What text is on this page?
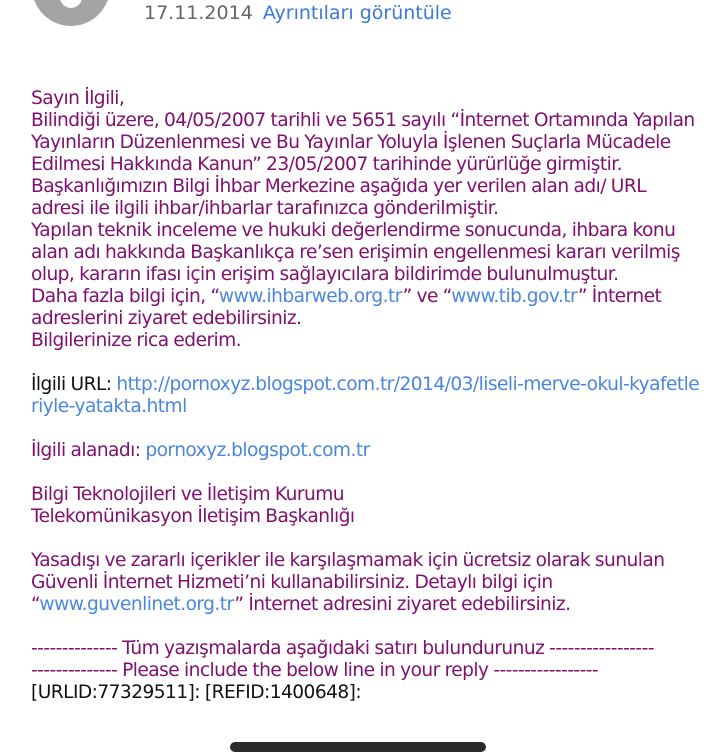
17.11.2014 Ayrıntıları görüntüle

Sayın İlgili,

Bilindiği üzere, 04/05/2007 tarihli ve 5651 sayılı “İnternet Ortamında Yapılan Yayınların Düzenlenmesi ve Bu Yayınlar Yoluyla İşlenen Suçlarla Mücadele Edilmesi Hakkında Kanun” 23/05/2007 tarihinde yürürlüğe girmiştir.

Başkanlığımızın Bilgi İhbar Merkezine aşağıda yer verilen alan adı/ URL adresi ile ilgili ihbar/ihbarlar tarafınızca gönderilmiştir.

Yapılan teknik inceleme ve hukuki değerlendirme sonucunda, ihbara konu alan adı hakkında Başkanlıkça re’sen erişimin engellenmesi kararı verilmiş olup, kararın ifası için erişim sağlayıcılara bildirimde bulunulmuştur.

Daha fazla bilgi için, “www.ihbarweb.org.tr” ve “www.tib.gov.tr” İnternet adreslerini ziyaret edebilirsiniz.

Bilgilerinize rica ederim.

İlgili URL: http://pornoxyz.blogspot.com.tr/2014/03/liseli-merve-okul-kyafetleriyle-yatakta.html

İlgili alanadı: pornoxyz.blogspot.com.tr

Bilgi Teknolojileri ve İletişim Kurumu

Telekomünikasyon İletişim Başkanlığı

Yasadışı ve zararlı içerikler ile karşılaşmamak için ücretsiz olarak sunulan Güvenli İnternet Hizmeti’ni kullanabilirsiniz. Detaylı bilgi için “www.guvenlinet.org.tr” İnternet adresini ziyaret edebilirsiniz.

-------------- Tüm yazışmalarda aşağıdaki satırı bulundurunuz -----------------

-------------- Please include the below line in your reply -----------------

[URLID:77329511]: [REFID:1400648]:
